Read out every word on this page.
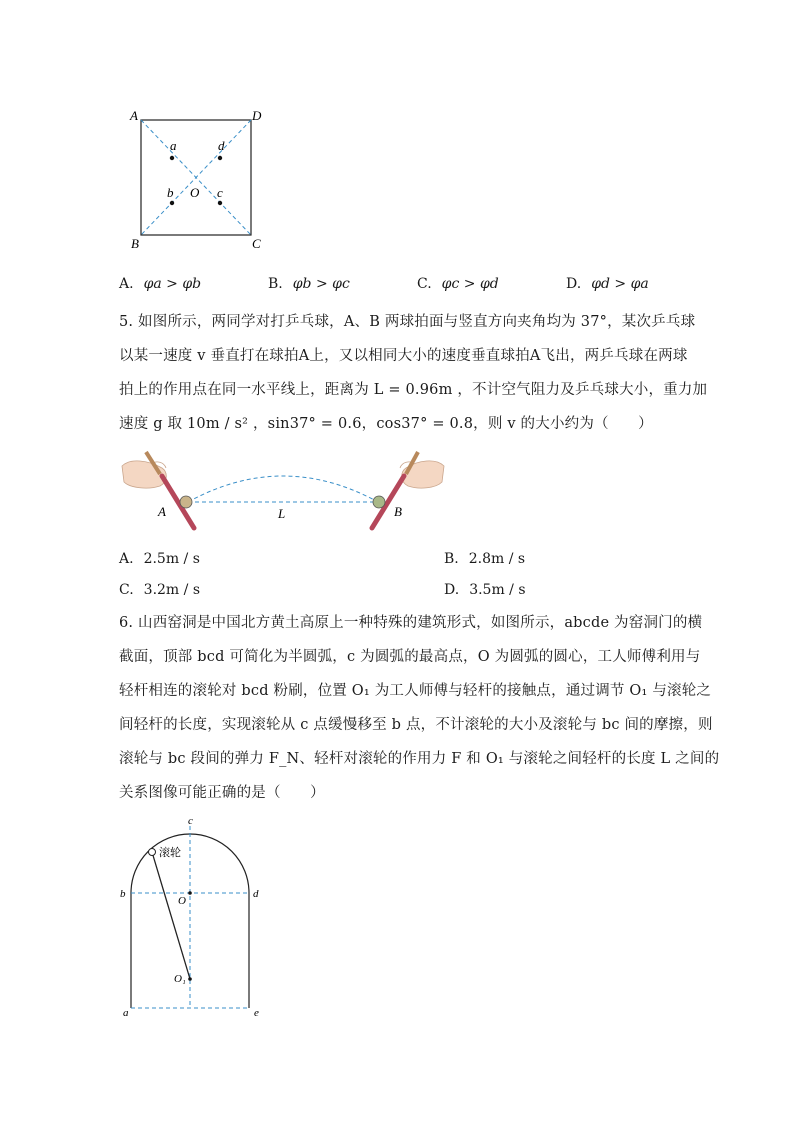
A	D
B	C
a	d
b O c
A. φa > φb	B. φb > φc	C. φc > φd	D. φd > φa

5. 如图所示，两同学对打乒乓球，A、B 两球拍面与竖直方向夹角均为 37°，某次乒乓球

以某一速度 v 垂直打在球拍A上，又以相同大小的速度垂直球拍A飞出，两乒乓球在两球

拍上的作用点在同一水平线上，距离为 L = 0.96m ，不计空气阻力及乒乓球大小，重力加

速度 g 取 10m / s² ，sin37° = 0.6，cos37° = 0.8，则 v 的大小约为（　　）

A	L	B
A. 2.5m / s	B. 2.8m / s
C. 3.2m / s	D. 3.5m / s

6. 山西窑洞是中国北方黄土高原上一种特殊的建筑形式，如图所示，abcde 为窑洞门的横

截面，顶部 bcd 可简化为半圆弧，c 为圆弧的最高点，O 为圆弧的圆心，工人师傅利用与

轻杆相连的滚轮对 bcd 粉刷，位置 O₁ 为工人师傅与轻杆的接触点，通过调节 O₁ 与滚轮之

间轻杆的长度，实现滚轮从 c 点缓慢移至 b 点，不计滚轮的大小及滚轮与 bc 间的摩擦，则

滚轮与 bc 段间的弹力 F_N、轻杆对滚轮的作用力 F 和 O₁ 与滚轮之间轻杆的长度 L 之间的

关系图像可能正确的是（　　）

c
滚轮
b	d
O
O₁
a	e
